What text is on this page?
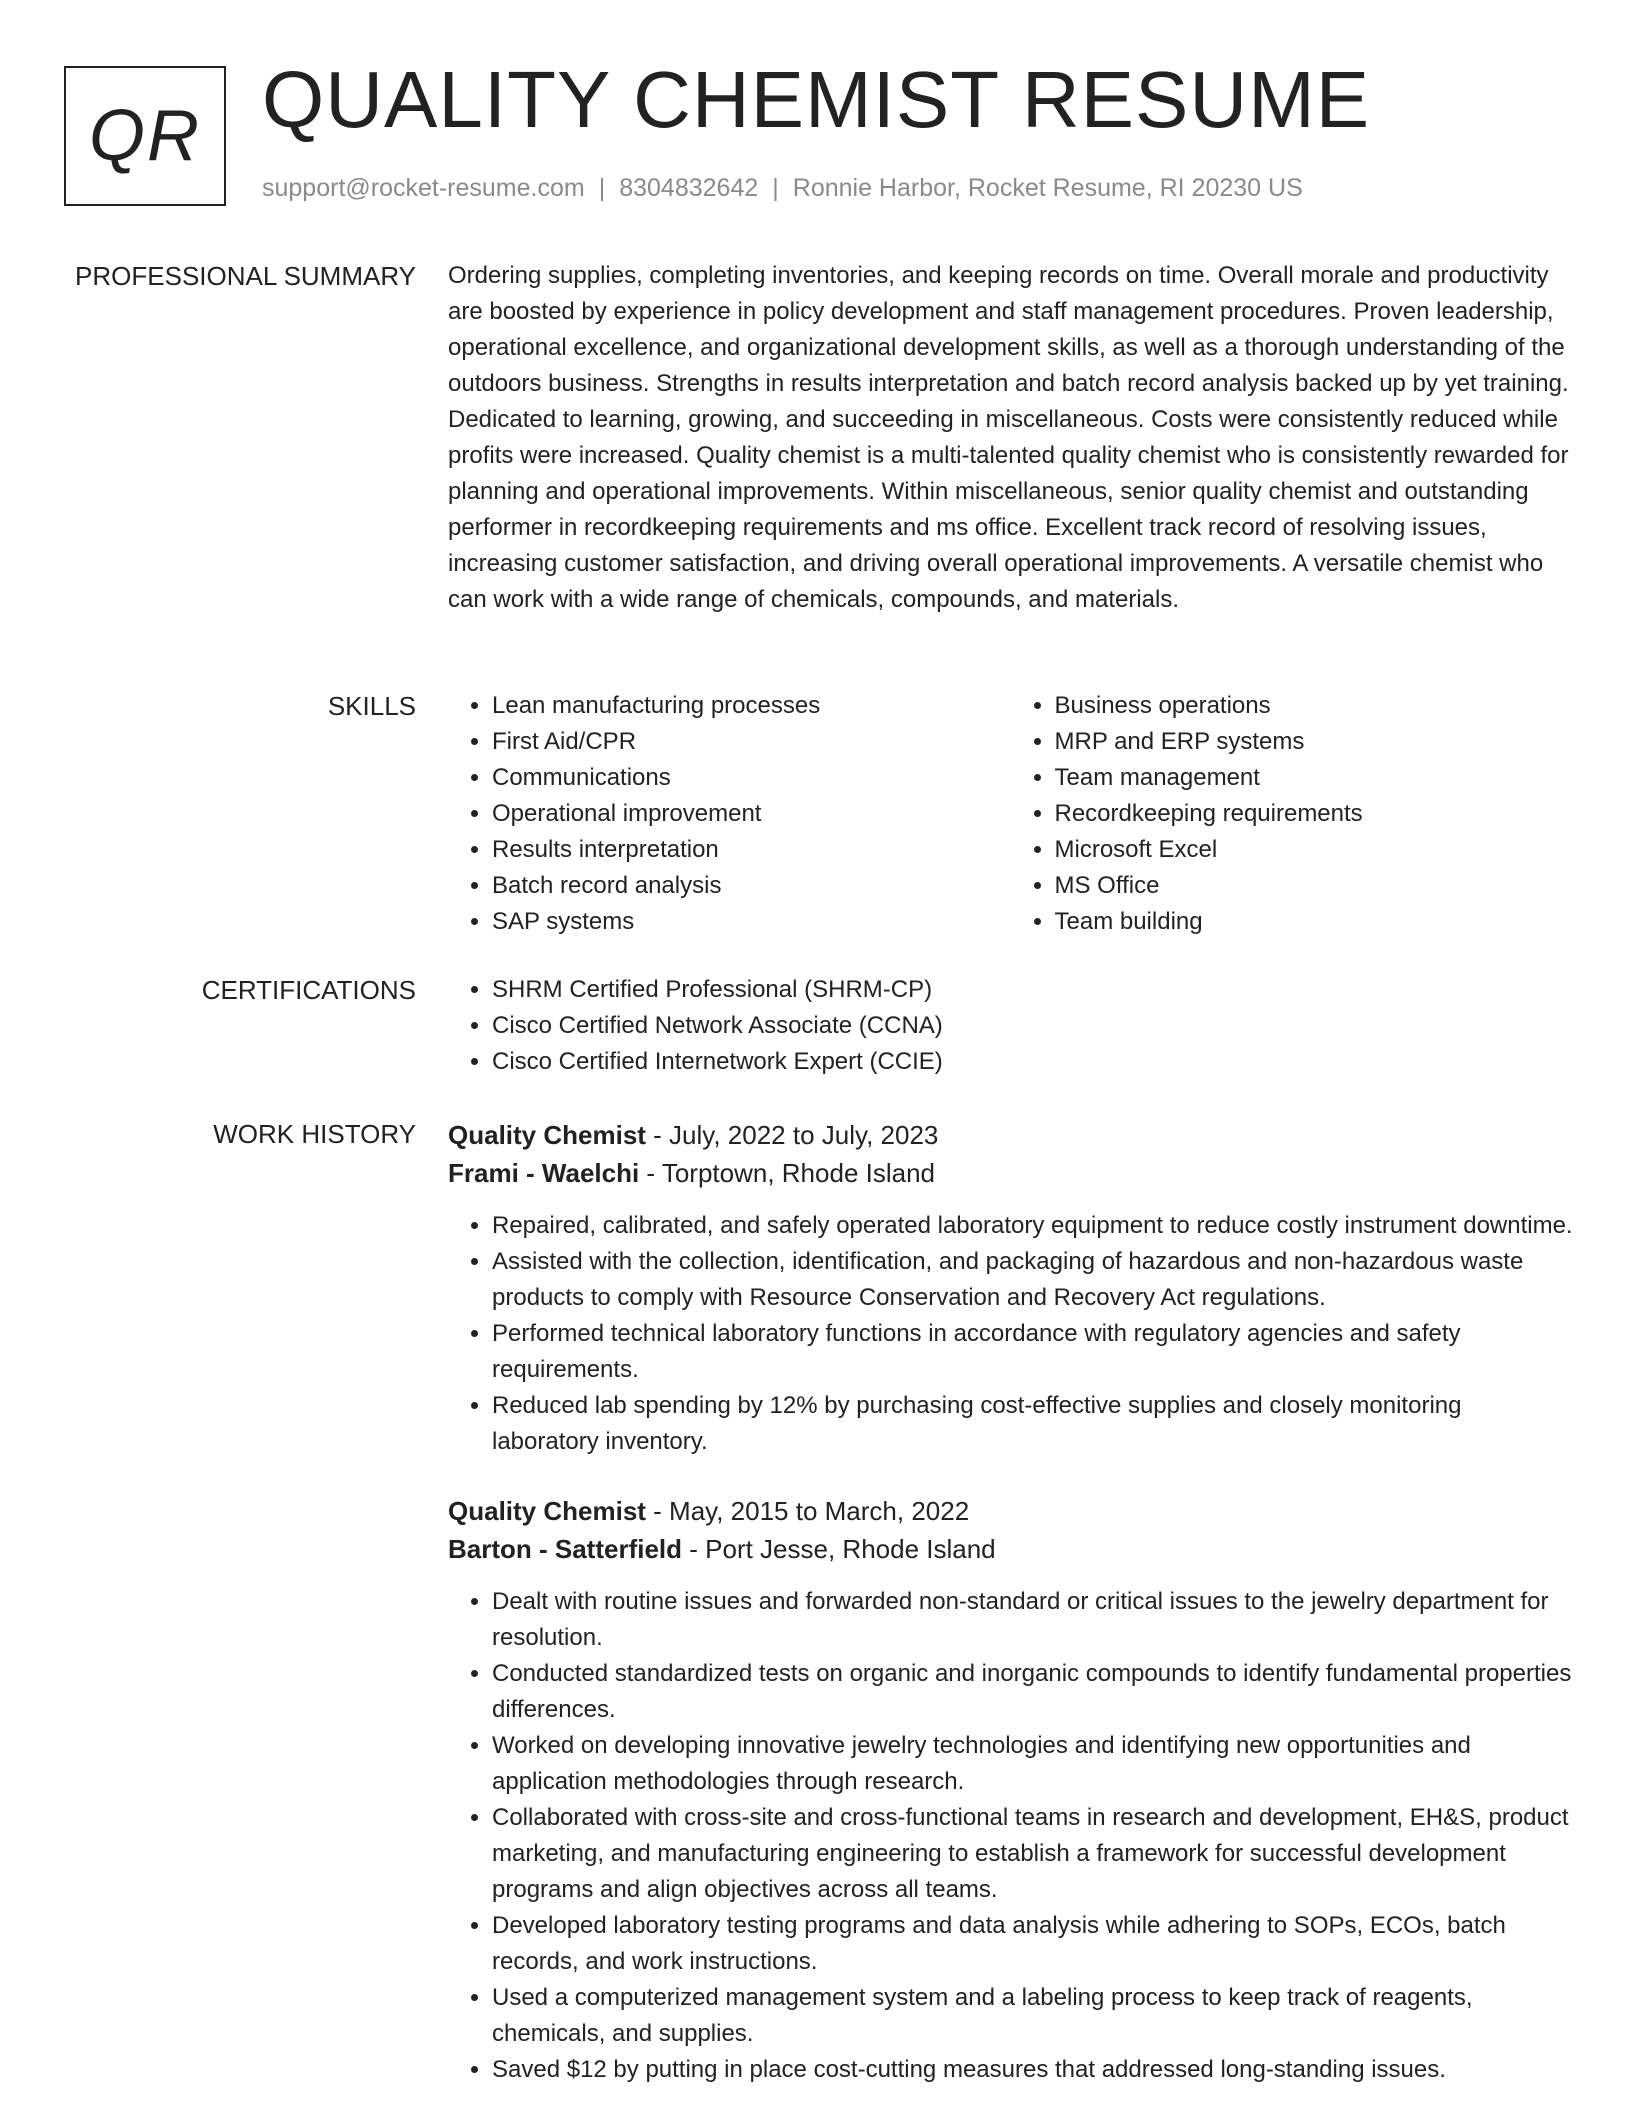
QR QUALITY CHEMIST RESUME
support@rocket-resume.com | 8304832642 | Ronnie Harbor, Rocket Resume, RI 20230 US
PROFESSIONAL SUMMARY Ordering supplies, completing inventories, and keeping records on time. Overall morale and productivity are boosted by experience in policy development and staff management procedures. Proven leadership, operational excellence, and organizational development skills, as well as a thorough understanding of the outdoors business. Strengths in results interpretation and batch record analysis backed up by yet training. Dedicated to learning, growing, and succeeding in miscellaneous. Costs were consistently reduced while profits were increased. Quality chemist is a multi-talented quality chemist who is consistently rewarded for planning and operational improvements. Within miscellaneous, senior quality chemist and outstanding performer in recordkeeping requirements and ms office. Excellent track record of resolving issues, increasing customer satisfaction, and driving overall operational improvements. A versatile chemist who can work with a wide range of chemicals, compounds, and materials.
SKILLS	• Lean manufacturing processes
• First Aid/CPR
• Communications
• Operational improvement
• Results interpretation
• Batch record analysis
• SAP systems
• Business operations
• MRP and ERP systems
• Team management
• Recordkeeping requirements
• Microsoft Excel
• MS Office
• Team building
CERTIFICATIONS	• SHRM Certified Professional (SHRM-CP)
• Cisco Certified Network Associate (CCNA)
• Cisco Certified Internetwork Expert (CCIE)
WORK HISTORY Quality Chemist - July, 2022 to July, 2023
Frami - Waelchi - Torptown, Rhode Island
• Repaired, calibrated, and safely operated laboratory equipment to reduce costly instrument downtime.
• Assisted with the collection, identification, and packaging of hazardous and non-hazardous waste products to comply with Resource Conservation and Recovery Act regulations.
• Performed technical laboratory functions in accordance with regulatory agencies and safety requirements.
• Reduced lab spending by 12% by purchasing cost-effective supplies and closely monitoring laboratory inventory.
Quality Chemist - May, 2015 to March, 2022
Barton - Satterfield - Port Jesse, Rhode Island
• Dealt with routine issues and forwarded non-standard or critical issues to the jewelry department for resolution.
• Conducted standardized tests on organic and inorganic compounds to identify fundamental properties differences.
• Worked on developing innovative jewelry technologies and identifying new opportunities and application methodologies through research.
• Collaborated with cross-site and cross-functional teams in research and development, EH&S, product marketing, and manufacturing engineering to establish a framework for successful development programs and align objectives across all teams.
• Developed laboratory testing programs and data analysis while adhering to SOPs, ECOs, batch records, and work instructions.
• Used a computerized management system and a labeling process to keep track of reagents, chemicals, and supplies.
• Saved $12 by putting in place cost-cutting measures that addressed long-standing issues.
